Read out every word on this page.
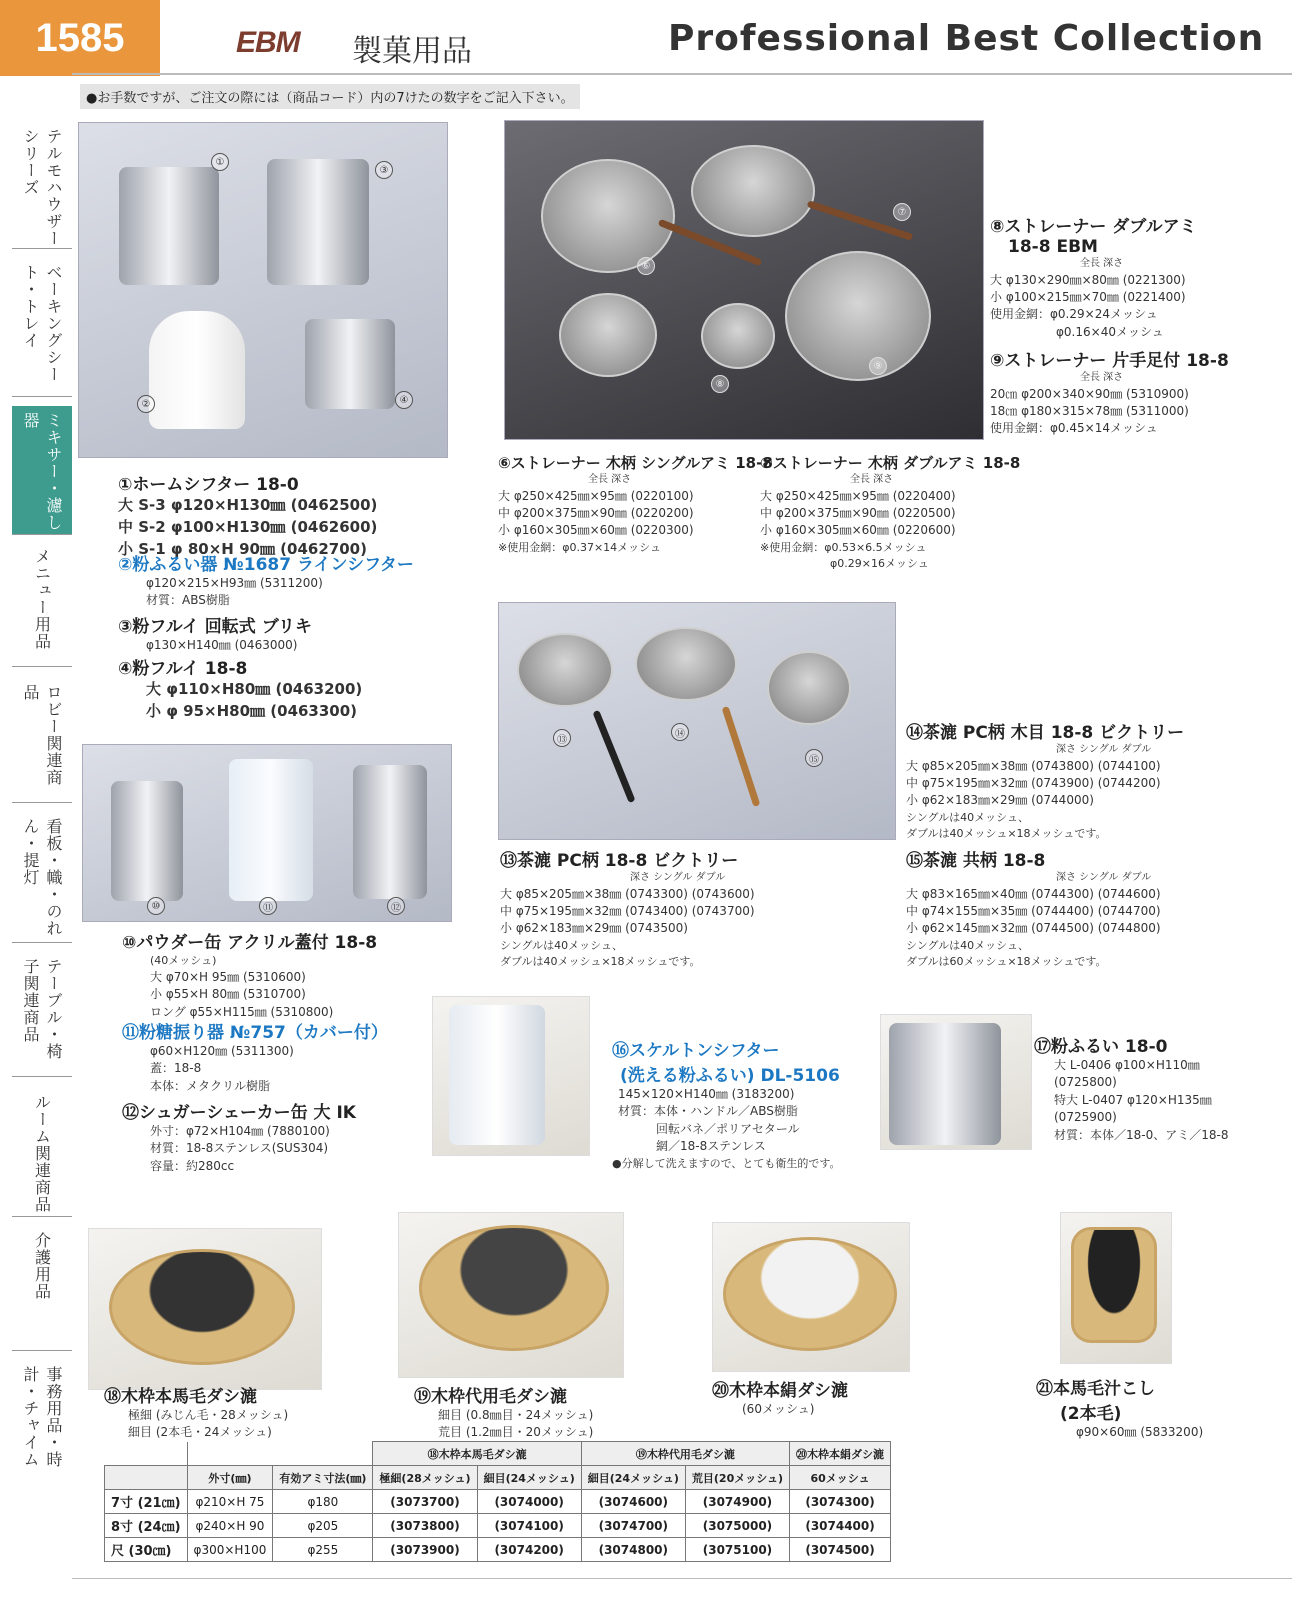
1585	EBM 製菓用品	Professional Best Collection
●お手数ですが、ご注文の際には（商品コード）内の7けたの数字をご記入下さい。
テルモハウザーシリーズ
ベーキングシート・トレイ
ミキサー・濾し器
メニュー用品
ロビー関連商品
看板・幟・のれん・提灯
テーブル・椅子関連商品
ルーム関連商品
介護用品
事務用品・時計・チャイム
①
③
②	④
⑦
⑥
⑧
⑨
⑬
⑭
⑮
⑩	⑪	⑫
①ホームシフター 18-0
大 S-3 φ120×H130㎜ (0462500)
中 S-2 φ100×H130㎜ (0462600)
小 S-1 φ 80×H 90㎜ (0462700)
②粉ふるい器 №1687 ラインシフター
φ120×215×H93㎜ (5311200)
材質：ABS樹脂
③粉フルイ 回転式 ブリキ
φ130×H140㎜ (0463000)
④粉フルイ 18-8
大 φ110×H80㎜ (0463200)
小 φ 95×H80㎜ (0463300)
⑥ストレーナー 木柄 シングルアミ 18-8
全長 深さ
大 φ250×425㎜×95㎜ (0220100)
中 φ200×375㎜×90㎜ (0220200)
小 φ160×305㎜×60㎜ (0220300)
※使用金網：φ0.37×14メッシュ
⑦ストレーナー 木柄 ダブルアミ 18-8
全長 深さ
大 φ250×425㎜×95㎜ (0220400)
中 φ200×375㎜×90㎜ (0220500)
小 φ160×305㎜×60㎜ (0220600)
※使用金網：φ0.53×6.5メッシュ
φ0.29×16メッシュ
⑧ストレーナー ダブルアミ
18-8 EBM
全長 深さ
大 φ130×290㎜×80㎜ (0221300)
小 φ100×215㎜×70㎜ (0221400)
使用金網：φ0.29×24メッシュ
φ0.16×40メッシュ
⑨ストレーナー 片手足付 18-8
全長 深さ
20㎝ φ200×340×90㎜ (5310900)
18㎝ φ180×315×78㎜ (5311000)
使用金網：φ0.45×14メッシュ
⑭茶漉 PC柄 木目 18-8 ビクトリー
深さ シングル ダブル
大 φ85×205㎜×38㎜ (0743800) (0744100)
中 φ75×195㎜×32㎜ (0743900) (0744200)
小 φ62×183㎜×29㎜ (0744000)
シングルは40メッシュ、
ダブルは40メッシュ×18メッシュです。
⑮茶漉 共柄 18-8
深さ シングル ダブル
大 φ83×165㎜×40㎜ (0744300) (0744600)
中 φ74×155㎜×35㎜ (0744400) (0744700)
小 φ62×145㎜×32㎜ (0744500) (0744800)
シングルは40メッシュ、
ダブルは60メッシュ×18メッシュです。
⑬茶漉 PC柄 18-8 ビクトリー
深さ シングル ダブル
大 φ85×205㎜×38㎜ (0743300) (0743600)
中 φ75×195㎜×32㎜ (0743400) (0743700)
小 φ62×183㎜×29㎜ (0743500)
シングルは40メッシュ、
ダブルは40メッシュ×18メッシュです。
⑩パウダー缶 アクリル蓋付 18-8
(40メッシュ)
大 φ70×H 95㎜ (5310600)
小 φ55×H 80㎜ (5310700)
ロング φ55×H115㎜ (5310800)
⑪粉糖振り器 №757（カバー付）
φ60×H120㎜ (5311300)
蓋：18-8
本体：メタクリル樹脂
⑫シュガーシェーカー缶 大 IK
外寸：φ72×H104㎜ (7880100)
材質：18-8ステンレス(SUS304)
容量：約280cc
⑯スケルトンシフター
(洗える粉ふるい) DL-5106
145×120×H140㎜ (3183200)
材質：本体・ハンドル／ABS樹脂
回転バネ／ポリアセタール
網／18-8ステンレス
●分解して洗えますので、とても衛生的です。
⑰粉ふるい 18-0
大 L-0406 φ100×H110㎜
(0725800)
特大 L-0407 φ120×H135㎜
(0725900)
材質：本体／18-0、アミ／18-8
⑱木枠本馬毛ダシ漉
極細 (みじん毛・28メッシュ)
細目 (2本毛・24メッシュ)
⑲木枠代用毛ダシ漉
細目 (0.8㎜目・24メッシュ)
荒目 (1.2㎜目・20メッシュ)
⑳木枠本絹ダシ漉
(60メッシュ)
㉑本馬毛汁こし
(2本毛)
φ90×60㎜ (5833200)
			⑱木枠本馬毛ダシ漉		⑲木枠代用毛ダシ漉		⑳木枠本絹ダシ漉
	外寸(㎜)	有効アミ寸法(㎜)	極細(28メッシュ)	細目(24メッシュ)	細目(24メッシュ)	荒目(20メッシュ)	60メッシュ
7寸 (21㎝)	φ210×H 75	φ180	(3073700)	(3074000)	(3074600)	(3074900)	(3074300)
8寸 (24㎝)	φ240×H 90	φ205	(3073800)	(3074100)	(3074700)	(3075000)	(3074400)
尺 (30㎝)	φ300×H100	φ255	(3073900)	(3074200)	(3074800)	(3075100)	(3074500)
